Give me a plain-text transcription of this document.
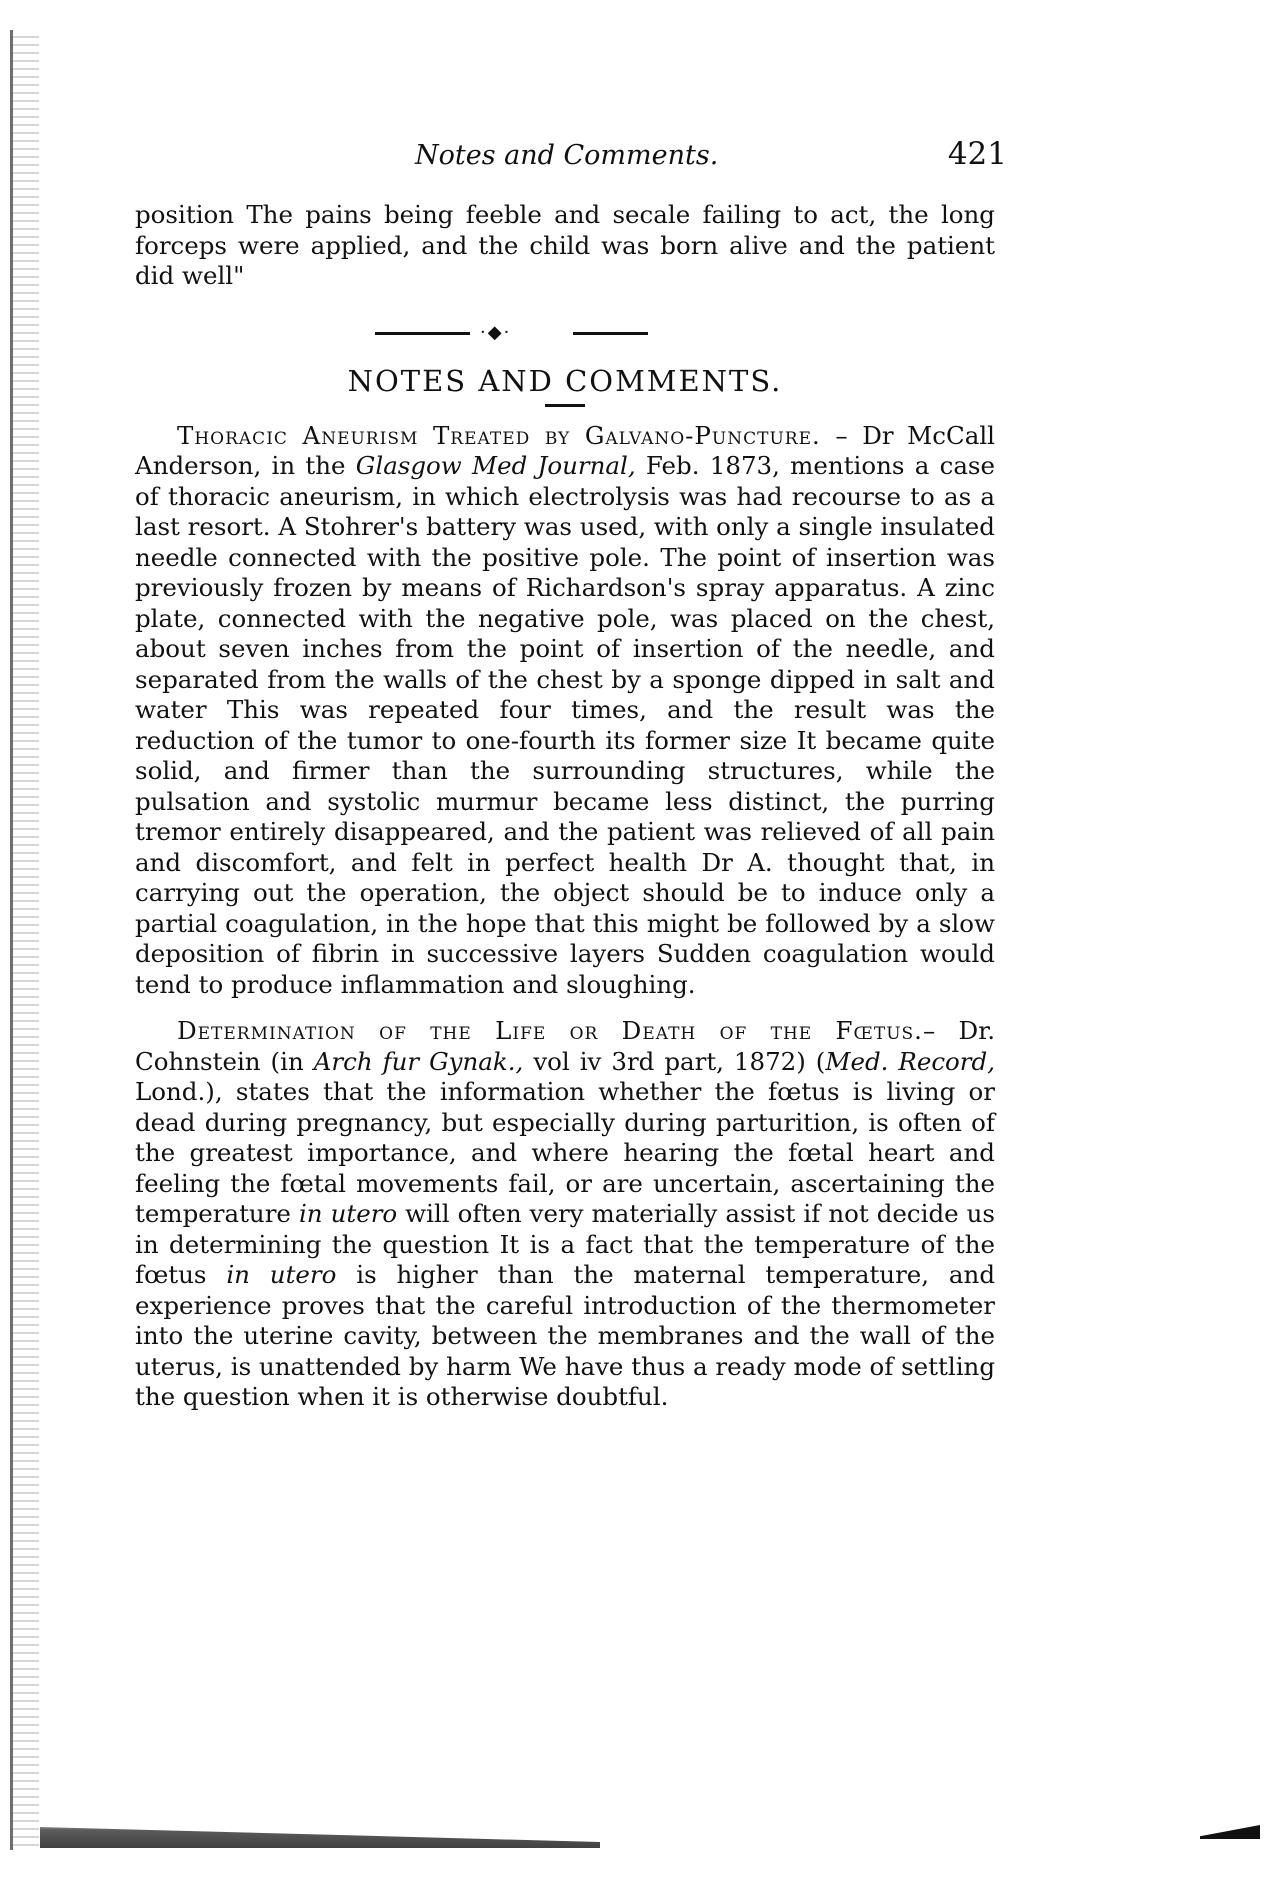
Notes and Comments.	421

position The pains being feeble and secale failing to act, the long forceps were applied, and the child was born alive and the patient did well"

·◆·
NOTES AND COMMENTS.

Thoracic Aneurism Treated by Galvano-Puncture. – Dr McCall Anderson, in the Glasgow Med Journal, Feb. 1873, mentions a case of thoracic aneurism, in which electrolysis was had recourse to as a last resort. A Stohrer's battery was used, with only a single insulated needle connected with the positive pole. The point of insertion was previously frozen by means of Richardson's spray apparatus. A zinc plate, connected with the negative pole, was placed on the chest, about seven inches from the point of insertion of the needle, and separated from the walls of the chest by a sponge dipped in salt and water This was repeated four times, and the result was the reduction of the tumor to one-fourth its former size It became quite solid, and firmer than the surrounding structures, while the pulsation and systolic murmur became less distinct, the purring tremor entirely disappeared, and the patient was relieved of all pain and discomfort, and felt in perfect health Dr A. thought that, in carrying out the operation, the object should be to induce only a partial coagulation, in the hope that this might be followed by a slow deposition of fibrin in successive layers Sudden coagulation would tend to produce inflammation and sloughing.

Determination of the Life or Death of the Fœtus.– Dr. Cohnstein (in Arch fur Gynak., vol iv 3rd part, 1872) (Med. Record, Lond.), states that the information whether the fœtus is living or dead during pregnancy, but especially during parturition, is often of the greatest importance, and where hearing the fœtal heart and feeling the fœtal movements fail, or are uncertain, ascertaining the temperature in utero will often very materially assist if not decide us in determining the question It is a fact that the temperature of the fœtus in utero is higher than the maternal temperature, and experience proves that the careful introduction of the thermometer into the uterine cavity, between the membranes and the wall of the uterus, is unattended by harm We have thus a ready mode of settling the question when it is otherwise doubtful.
